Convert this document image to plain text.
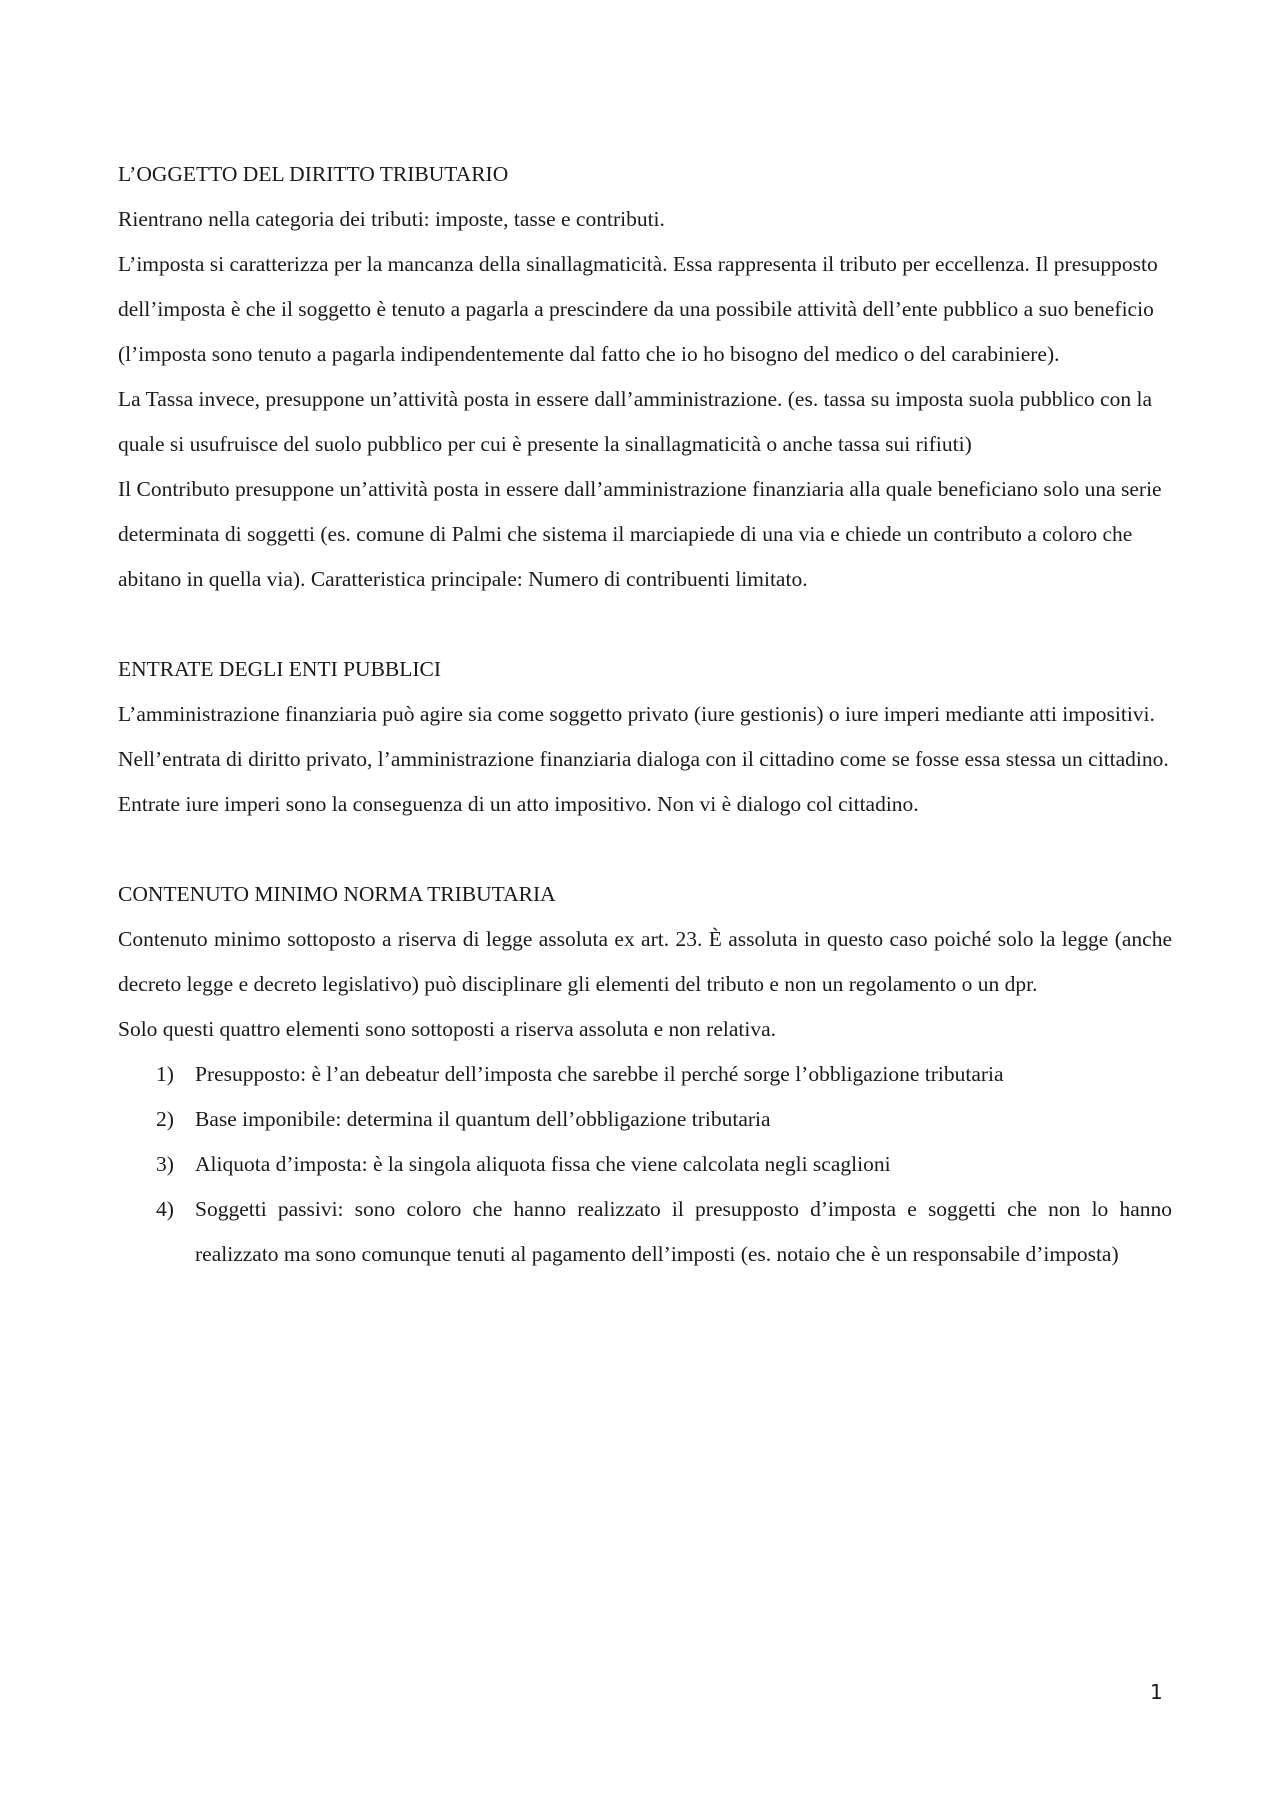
L’OGGETTO DEL DIRITTO TRIBUTARIO

Rientrano nella categoria dei tributi: imposte, tasse e contributi.

L’imposta si caratterizza per la mancanza della sinallagmaticità. Essa rappresenta il tributo per eccellenza. Il presupposto dell’imposta è che il soggetto è tenuto a pagarla a prescindere da una possibile attività dell’ente pubblico a suo beneficio (l’imposta sono tenuto a pagarla indipendentemente dal fatto che io ho bisogno del medico o del carabiniere).

La Tassa invece, presuppone un’attività posta in essere dall’amministrazione. (es. tassa su imposta suola pubblico con la quale si usufruisce del suolo pubblico per cui è presente la sinallagmaticità o anche tassa sui rifiuti)

Il Contributo presuppone un’attività posta in essere dall’amministrazione finanziaria alla quale beneficiano solo una serie determinata di soggetti (es. comune di Palmi che sistema il marciapiede di una via e chiede un contributo a coloro che abitano in quella via). Caratteristica principale: Numero di contribuenti limitato.

ENTRATE DEGLI ENTI PUBBLICI

L’amministrazione finanziaria può agire sia come soggetto privato (iure gestionis) o iure imperi mediante atti impositivi.

Nell’entrata di diritto privato, l’amministrazione finanziaria dialoga con il cittadino come se fosse essa stessa un cittadino.

Entrate iure imperi sono la conseguenza di un atto impositivo. Non vi è dialogo col cittadino.

CONTENUTO MINIMO NORMA TRIBUTARIA

Contenuto minimo sottoposto a riserva di legge assoluta ex art. 23. È assoluta in questo caso poiché solo la legge (anche decreto legge e decreto legislativo) può disciplinare gli elementi del tributo e non un regolamento o un dpr.

Solo questi quattro elementi sono sottoposti a riserva assoluta e non relativa.

1) Presupposto: è l’an debeatur dell’imposta che sarebbe il perché sorge l’obbligazione tributaria
2) Base imponibile: determina il quantum dell’obbligazione tributaria
3) Aliquota d’imposta: è la singola aliquota fissa che viene calcolata negli scaglioni
4) Soggetti passivi: sono coloro che hanno realizzato il presupposto d’imposta e soggetti che non lo hanno realizzato ma sono comunque tenuti al pagamento dell’imposti (es. notaio che è un responsabile d’imposta)
1
